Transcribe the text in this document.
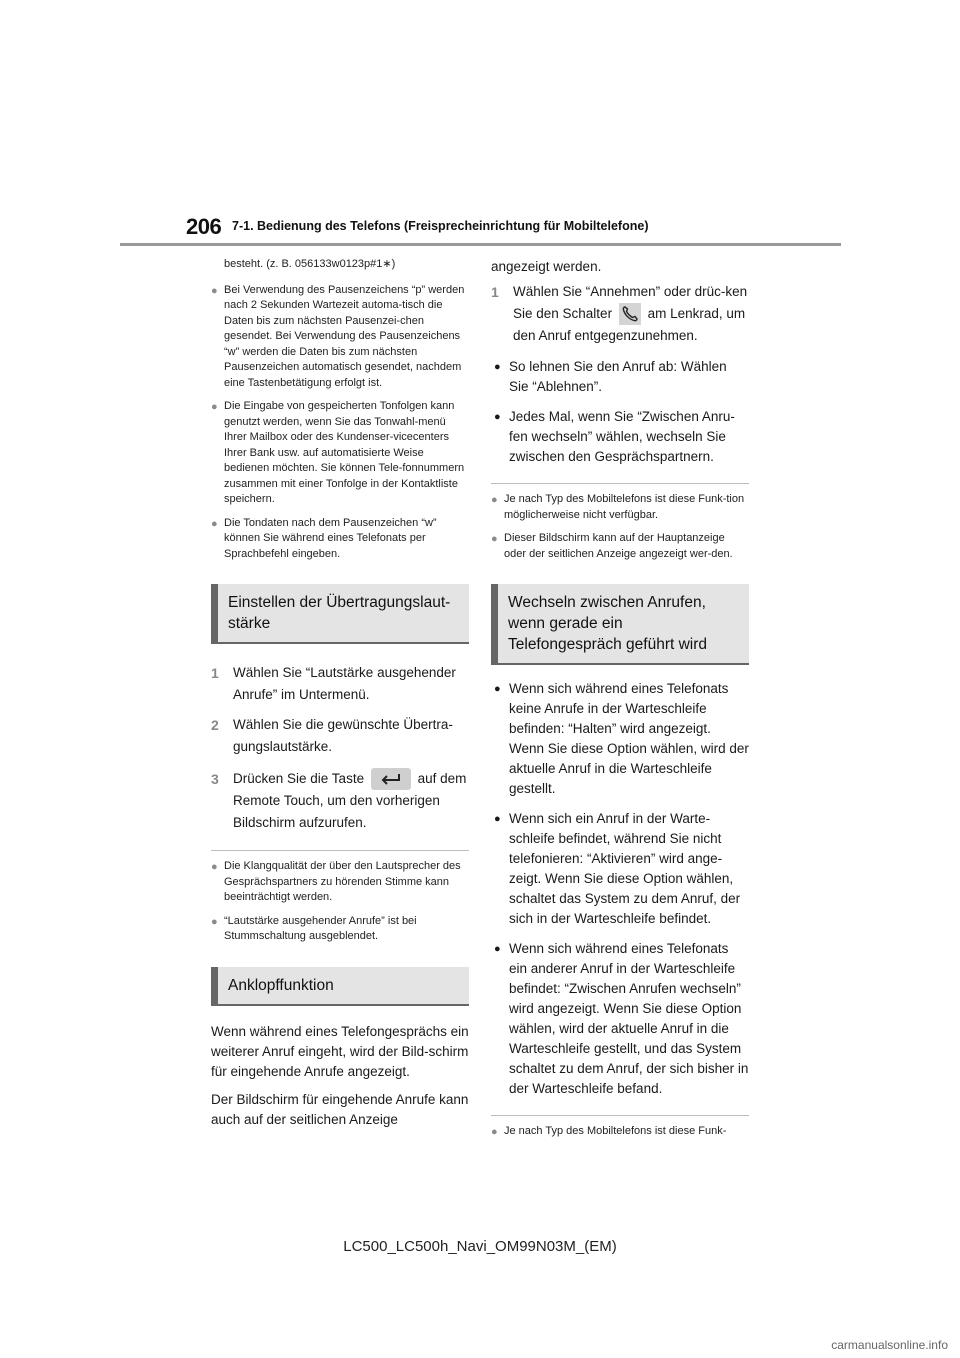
206 7-1. Bedienung des Telefons (Freisprecheinrichtung für Mobiltelefone)
besteht. (z. B. 056133w0123p#1∗)
● Bei Verwendung des Pausenzeichens “p” werden nach 2 Sekunden Wartezeit automa-tisch die Daten bis zum nächsten Pausenzei-chen gesendet. Bei Verwendung des Pausenzeichens “w” werden die Daten bis zum nächsten Pausenzeichen automatisch gesendet, nachdem eine Tastenbetätigung erfolgt ist.
● Die Eingabe von gespeicherten Tonfolgen kann genutzt werden, wenn Sie das Tonwahl-menü Ihrer Mailbox oder des Kundenser-vicecenters Ihrer Bank usw. auf automatisierte Weise bedienen möchten. Sie können Tele-fonnummern zusammen mit einer Tonfolge in der Kontaktliste speichern.
● Die Tondaten nach dem Pausenzeichen “w” können Sie während eines Telefonats per Sprachbefehl eingeben.
Einstellen der Übertragungslaut-stärke
1 Wählen Sie “Lautstärke ausgehender Anrufe” im Untermenü.
2 Wählen Sie die gewünschte Übertra-gungslautstärke.
3 Drücken Sie die Taste	auf dem Remote Touch, um den vorherigen Bildschirm aufzurufen.
● Die Klangqualität der über den Lautsprecher des Gesprächspartners zu hörenden Stimme kann beeinträchtigt werden.
● “Lautstärke ausgehender Anrufe” ist bei Stummschaltung ausgeblendet.
Anklopffunktion
Wenn während eines Telefongesprächs ein weiterer Anruf eingeht, wird der Bild-schirm für eingehende Anrufe angezeigt.
Der Bildschirm für eingehende Anrufe kann auch auf der seitlichen Anzeige
angezeigt werden.
1 Wählen Sie “Annehmen” oder drüc-ken Sie den Schalter	am Lenkrad, um den Anruf entgegenzunehmen.
● So lehnen Sie den Anruf ab: Wählen Sie “Ablehnen”.
● Jedes Mal, wenn Sie “Zwischen Anru-fen wechseln” wählen, wechseln Sie zwischen den Gesprächspartnern.
● Je nach Typ des Mobiltelefons ist diese Funk-tion möglicherweise nicht verfügbar.
● Dieser Bildschirm kann auf der Hauptanzeige oder der seitlichen Anzeige angezeigt wer-den.
Wechseln zwischen Anrufen, wenn gerade ein Telefongespräch geführt wird
● Wenn sich während eines Telefonats keine Anrufe in der Warteschleife befinden: “Halten” wird angezeigt. Wenn Sie diese Option wählen, wird der aktuelle Anruf in die Warteschleife gestellt.
● Wenn sich ein Anruf in der Warte-schleife befindet, während Sie nicht telefonieren: “Aktivieren” wird ange-zeigt. Wenn Sie diese Option wählen, schaltet das System zu dem Anruf, der sich in der Warteschleife befindet.
● Wenn sich während eines Telefonats ein anderer Anruf in der Warteschleife befindet: “Zwischen Anrufen wechseln” wird angezeigt. Wenn Sie diese Option wählen, wird der aktuelle Anruf in die Warteschleife gestellt, und das System schaltet zu dem Anruf, der sich bisher in der Warteschleife befand.
● Je nach Typ des Mobiltelefons ist diese Funk-
LC500_LC500h_Navi_OM99N03M_(EM)
carmanualsonline.info
